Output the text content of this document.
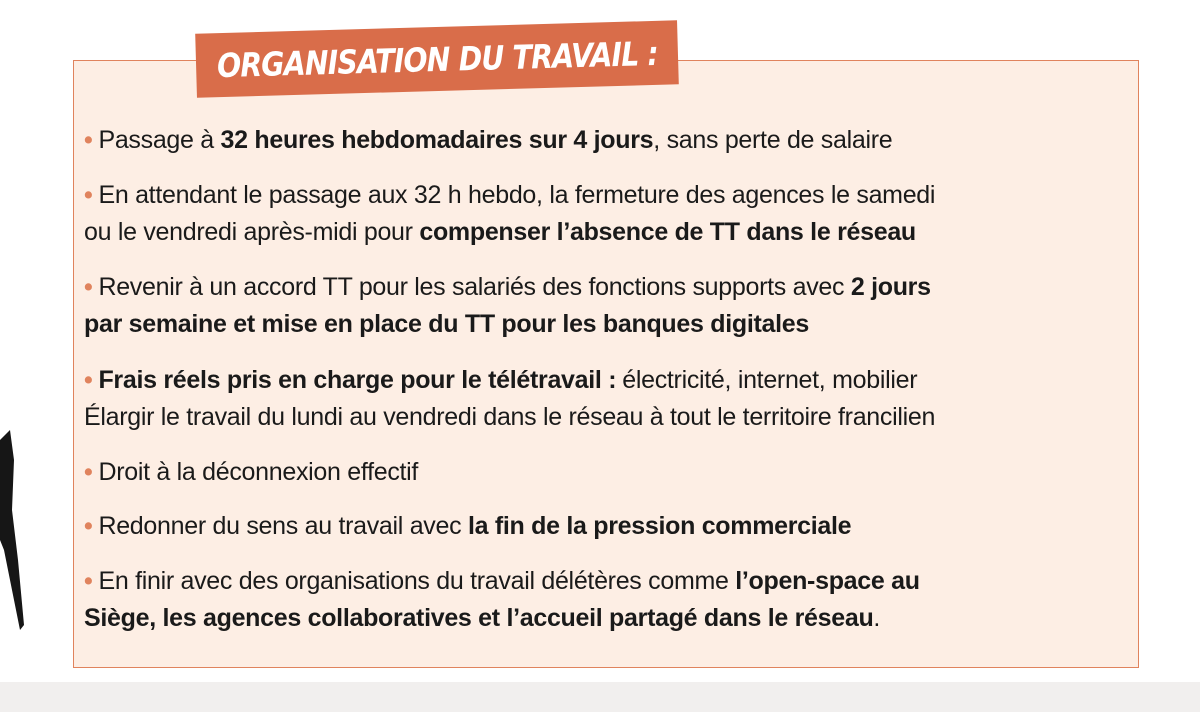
ORGANISATION DU TRAVAIL :
• Passage à 32 heures hebdomadaires sur 4 jours, sans perte de salaire
• En attendant le passage aux 32 h hebdo, la fermeture des agences le samedi
ou le vendredi après-midi pour compenser l’absence de TT dans le réseau
• Revenir à un accord TT pour les salariés des fonctions supports avec 2 jours
par semaine et mise en place du TT pour les banques digitales
• Frais réels pris en charge pour le télétravail : électricité, internet, mobilier
Élargir le travail du lundi au vendredi dans le réseau à tout le territoire francilien
• Droit à la déconnexion effectif
• Redonner du sens au travail avec la fin de la pression commerciale
• En finir avec des organisations du travail délétères comme l’open-space au
Siège, les agences collaboratives et l’accueil partagé dans le réseau.
